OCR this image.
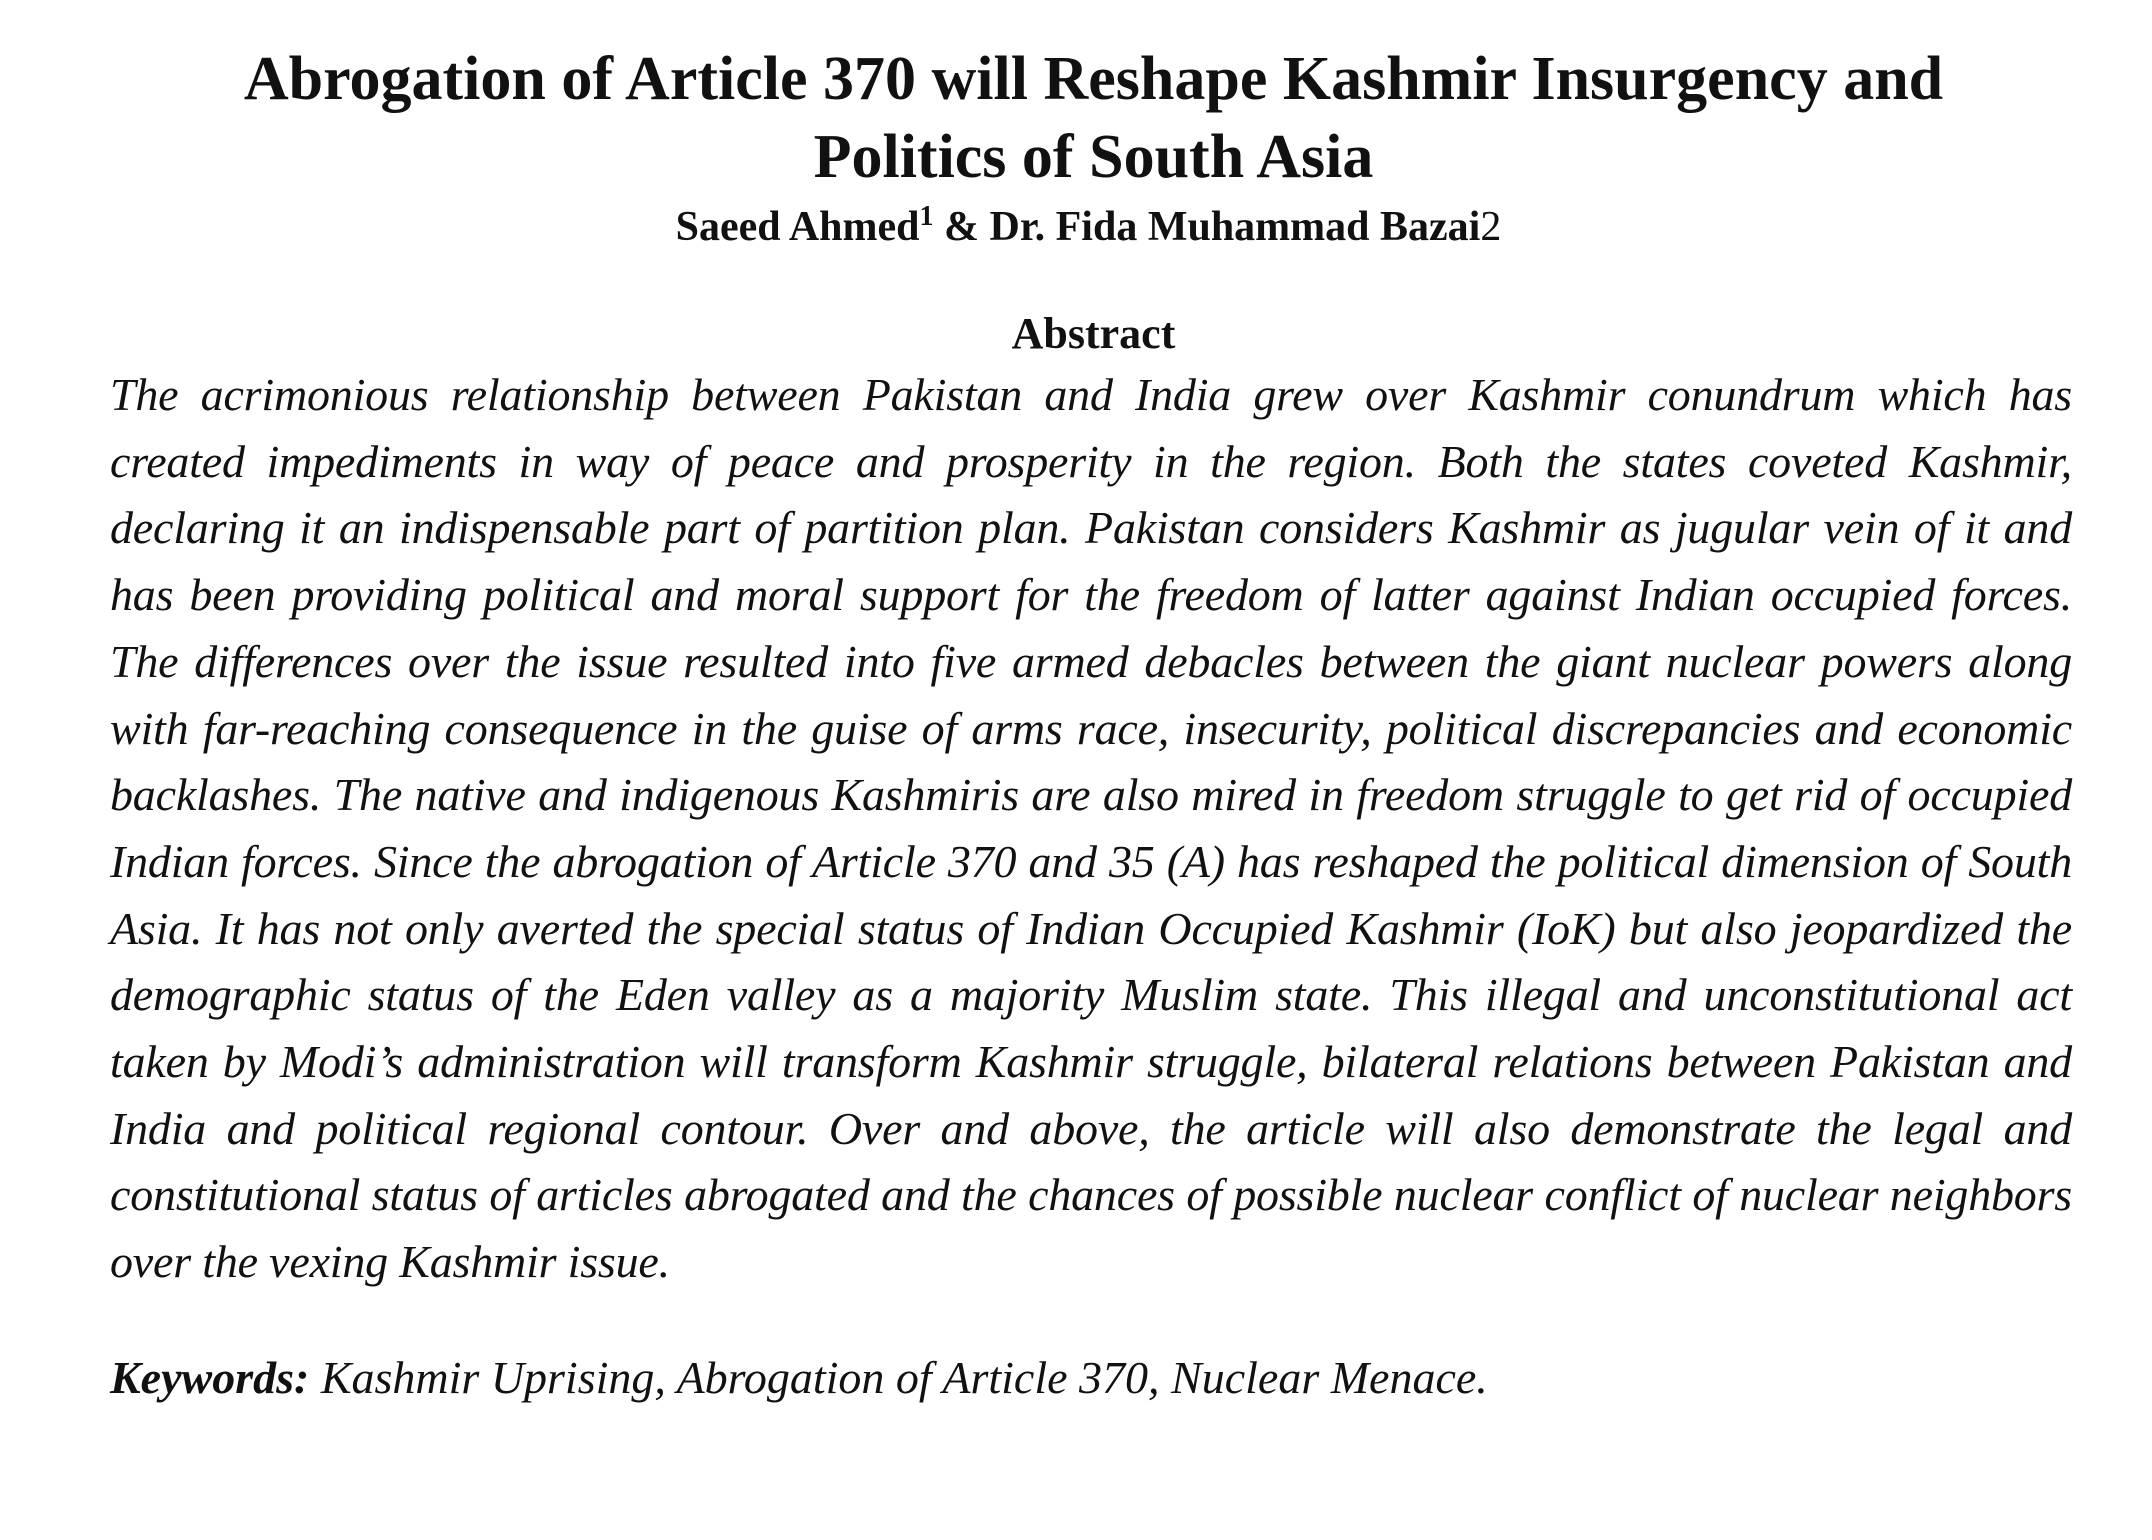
Abrogation of Article 370 will Reshape Kashmir Insurgency and
Politics of South Asia
Saeed Ahmed$^1$ & Dr. Fida Muhammad Bazai2
Abstract

The acrimonious relationship between Pakistan and India grew over Kashmir conundrum which has created impediments in way of peace and prosperity in the region. Both the states coveted Kashmir, declaring it an indispensable part of partition plan. Pakistan considers Kashmir as jugular vein of it and has been providing political and moral support for the freedom of latter against Indian occupied forces. The differences over the issue resulted into five armed debacles between the giant nuclear powers along with far-reaching consequence in the guise of arms race, insecurity, political discrepancies and economic backlashes. The native and indigenous Kashmiris are also mired in freedom struggle to get rid of occupied Indian forces. Since the abrogation of Article 370 and 35 (A) has reshaped the political dimension of South Asia. It has not only averted the special status of Indian Occupied Kashmir (IoK) but also jeopardized the demographic status of the Eden valley as a majority Muslim state. This illegal and unconstitutional act taken by Modi’s administration will transform Kashmir struggle, bilateral relations between Pakistan and India and political regional contour. Over and above, the article will also demonstrate the legal and constitutional status of articles abrogated and the chances of possible nuclear conflict of nuclear neighbors over the vexing Kashmir issue.

Keywords: Kashmir Uprising, Abrogation of Article 370, Nuclear Menace.
